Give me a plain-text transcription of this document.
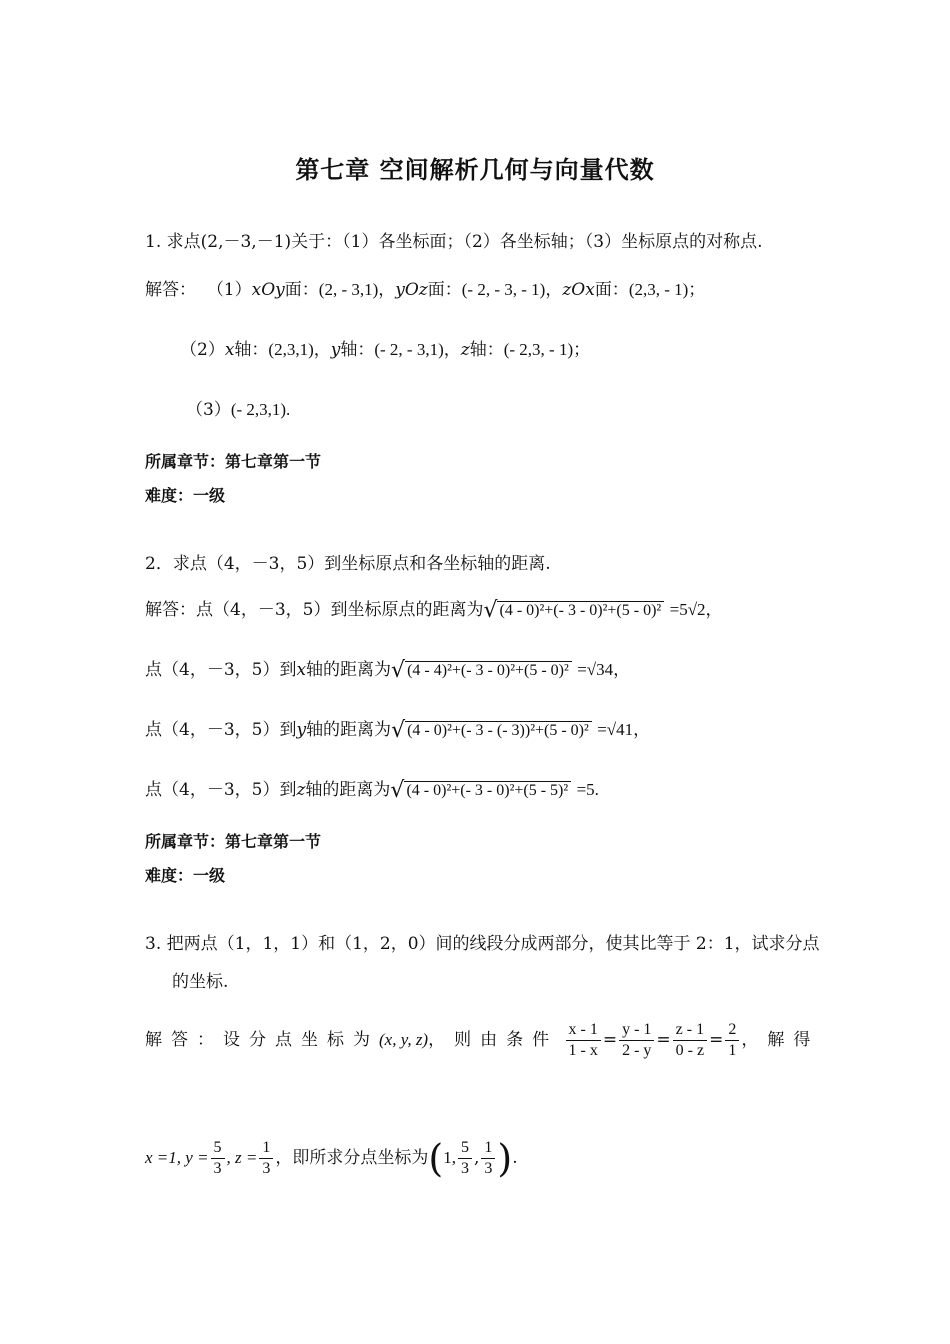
第七章 空间解析几何与向量代数
1. 求点(2,－3,－1)关于：（1）各坐标面；（2）各坐标轴；（3）坐标原点的对称点.
解答： （1）xOy面：(2, - 3,1)，yOz面：(- 2, - 3, - 1)，zOx面：(2,3, - 1)；
（2）x轴：(2,3,1)，y轴：(- 2, - 3,1)，z轴：(- 2,3, - 1)；
（3）(- 2,3,1).
所属章节：第七章第一节
难度：一级
2．求点（4，－3，5）到坐标原点和各坐标轴的距离.
解答：点（4，－3，5）到坐标原点的距离为√ (4 - 0)²+(- 3 - 0)²+(5 - 0)² =5√2，
点（4，－3，5）到x轴的距离为√ (4 - 4)²+(- 3 - 0)²+(5 - 0)² =√34，
点（4，－3，5）到y轴的距离为√ (4 - 0)²+(- 3 - (- 3))²+(5 - 0)² =√41，
点（4，－3，5）到z轴的距离为√ (4 - 0)²+(- 3 - 0)²+(5 - 5)² =5.
所属章节：第七章第一节
难度：一级
3. 把两点（1，1，1）和（1，2，0）间的线段分成两部分，使其比等于 2：1，试求分点
的坐标.
解答：设分点坐标为(x, y, z)，则由条件 $\frac{x - 1}{1 - x} = \frac{y - 1}{2 - y} = \frac{z - 1}{0 - z} = \frac{2}{1}$ ，解得
x =1, $y = \frac{5}{3}$ , $z = \frac{1}{3}$ ，即所求分点坐标为(1, $\frac{5}{3}$ , $\frac{1}{3}$ ).
